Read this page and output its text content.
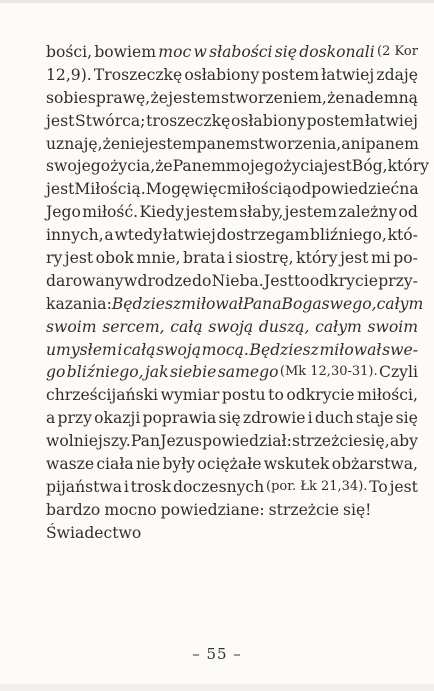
bości, bowiem moc w słabości się doskonali (2 Kor
12,9). Troszeczkę osłabiony postem łatwiej zdaję
sobie sprawę, że jestem stworzeniem, że nade mną
jest Stwórca; troszeczkę osłabiony postem łatwiej
uznaję, że nie jestem panem stworzenia, ani panem
swojego życia, że Panem mojego życia jest Bóg, który
jest Miłością. Mogę więc miłością odpowiedzieć na
Jego miłość. Kiedy jestem słaby, jestem zależny od
innych, a wtedy łatwiej dostrzegam bliźniego, któ-
ry jest obok mnie, brata i siostrę, który jest mi po-
darowany w drodze do Nieba. Jest to odkrycie przy-
kazania: Będziesz miłował Pana Boga swego, całym
swoim sercem, całą swoją duszą, całym swoim
umysłem i całą swoją mocą. Będziesz miłował swe-
go bliźniego, jak siebie samego (Mk 12,30-31). Czyli
chrześcijański wymiar postu to odkrycie miłości,
a przy okazji poprawia się zdrowie i duch staje się
wolniejszy. Pan Jezus powiedział: strzeżcie się, aby
wasze ciała nie były ociężałe wskutek obżarstwa,
pijaństwa i trosk doczesnych (por. Łk 21,34). To jest
bardzo mocno powiedziane: strzeżcie się!
Świadectwo
– 55 –
